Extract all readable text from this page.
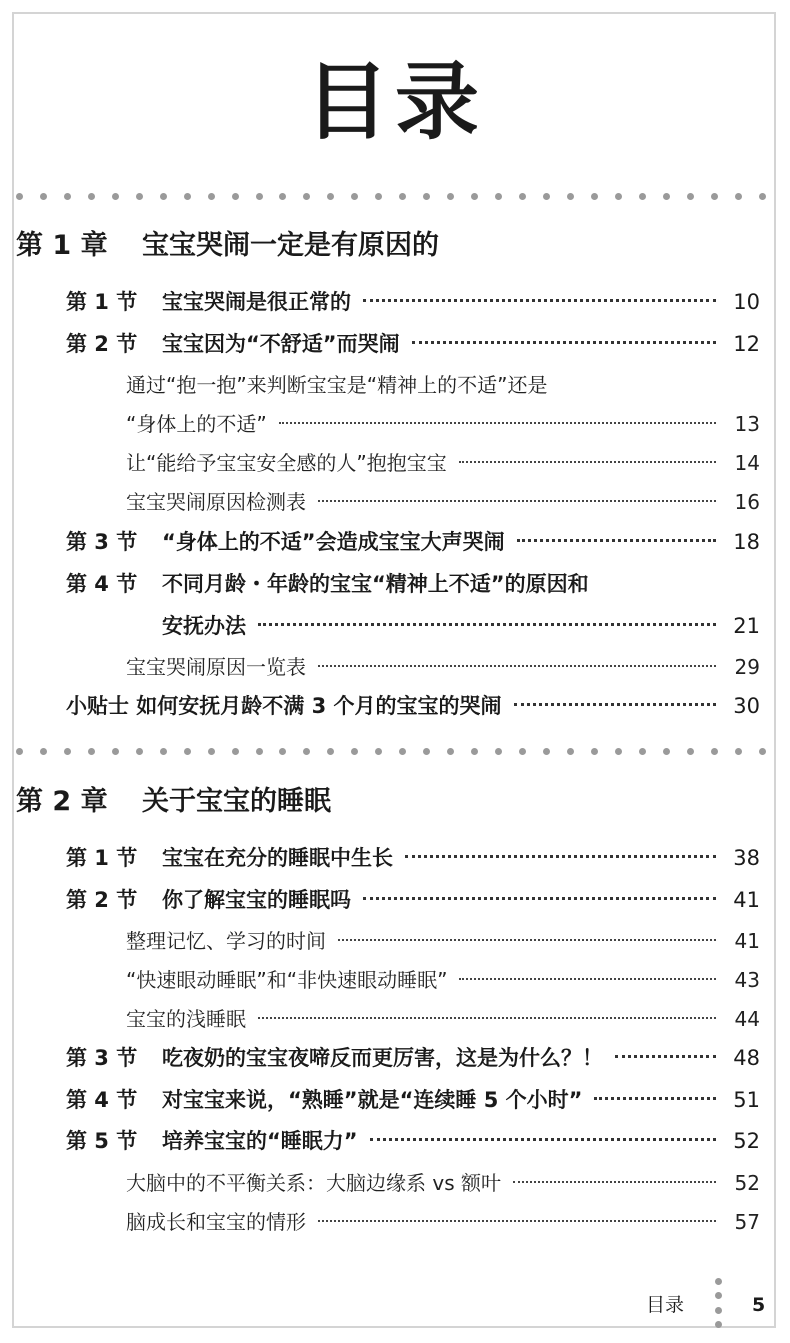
目录
第 1 章 宝宝哭闹一定是有原因的
第 1 节	宝宝哭闹是很正常的	10
第 2 节	宝宝因为“不舒适”而哭闹	12
通过“抱一抱”来判断宝宝是“精神上的不适”还是
“身体上的不适”	13
让“能给予宝宝安全感的人”抱抱宝宝	14
宝宝哭闹原因检测表	16
第 3 节	“身体上的不适”会造成宝宝大声哭闹	18
第 4 节	不同月龄・年龄的宝宝“精神上不适”的原因和
安抚办法	21
宝宝哭闹原因一览表	29
小贴士 如何安抚月龄不满 3 个月的宝宝的哭闹	30
第 2 章 关于宝宝的睡眠
第 1 节	宝宝在充分的睡眠中生长	38
第 2 节	你了解宝宝的睡眠吗	41
整理记忆、学习的时间	41
“快速眼动睡眠”和“非快速眼动睡眠”	43
宝宝的浅睡眠	44
第 3 节	吃夜奶的宝宝夜啼反而更厉害，这是为什么？！	48
第 4 节	对宝宝来说，“熟睡”就是“连续睡 5 个小时”	51
第 5 节	培养宝宝的“睡眠力”	52
大脑中的不平衡关系：大脑边缘系 vs 额叶	52
脑成长和宝宝的情形	57
目录	5
